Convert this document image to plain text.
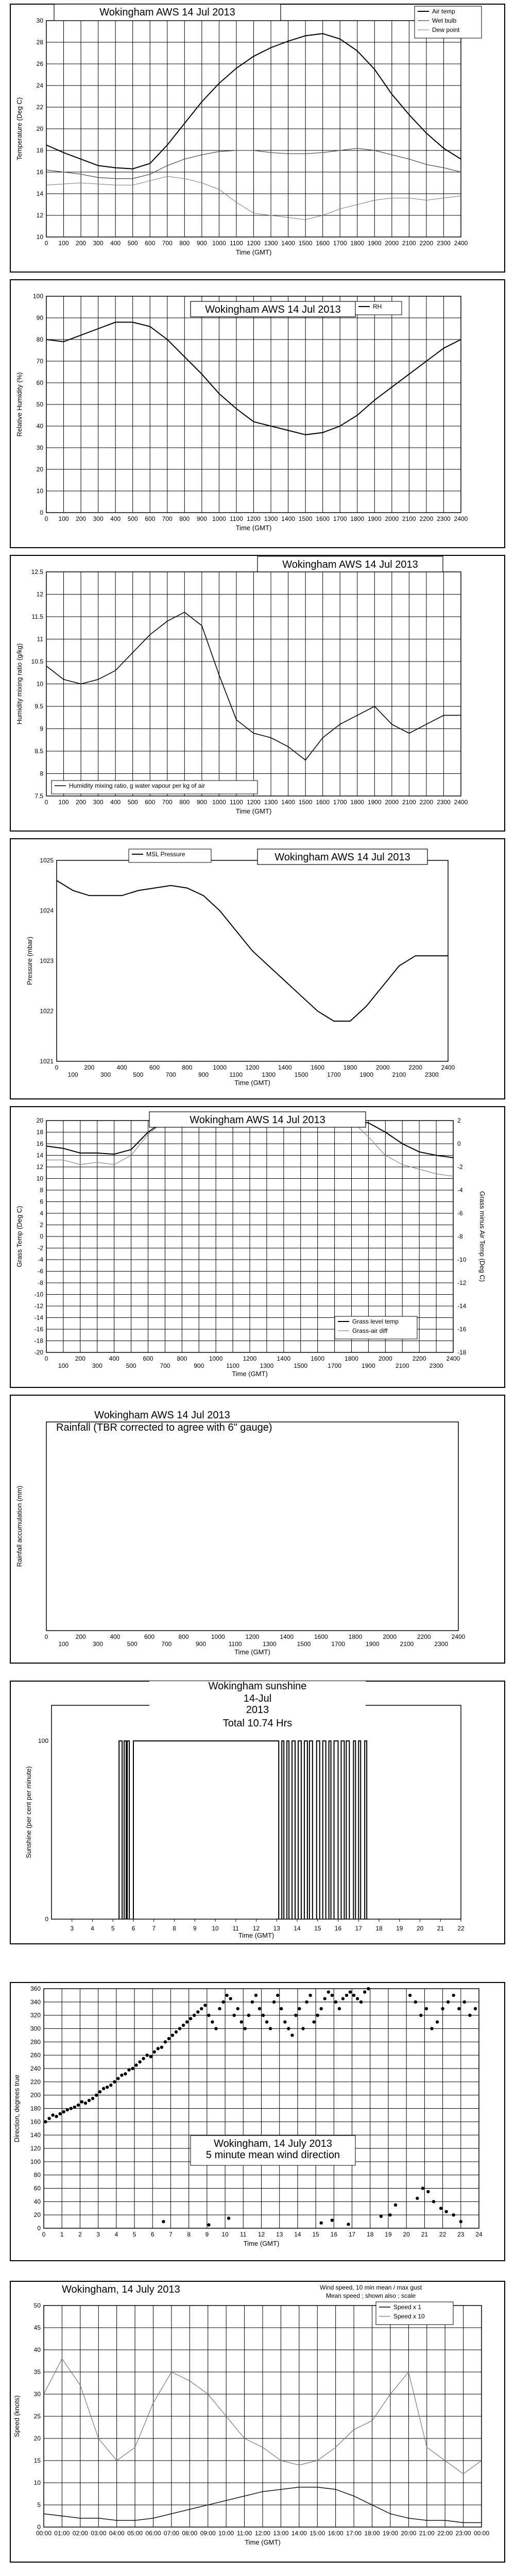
0 100 200 300 400 500 600 700 800 900 1000 1100 1200 1300 1400 1500 1600 1700 1800 1900 2000 2100 2200 2300 2400
10
12
14
16
18
20
22
24
26
28
30
Time (GMT)
Temperature (Deg C)
Wokingham AWS 14 Jul 2013	Air temp
Wet bulb
Dew point
0 100 200 300 400 500 600 700 800 900 1000 1100 1200 1300 1400 1500 1600 1700 1800 1900 2000 2100 2200 2300 2400
0
10
20
30
40
50
60
70
80
90
100
Time (GMT)
Relative Humidity (%)
Wokingham AWS 14 Jul 2013	RH
0 100 200 300 400 500 600 700 800 900 1000 1100 1200 1300 1400 1500 1600 1700 1800 1900 2000 2100 2200 2300 2400
7.5
8
8.5
9
9.5
10
10.5
11
11.5
12
12.5
Time (GMT)
Humidity mixing ratio (g/kg)
Wokingham AWS 14 Jul 2013
Humidity mixing ratio, g water vapour per kg of air
0
100
200
300
400
500
600
700
800
900
1000
1100
1200
1300
1400
1500
1600
1700
1800
1900
2000
2100
2200
2300
2400
1021
1022
1023
1024
1025
Time (GMT)
Pressure (mbar)
Wokingham AWS 14 Jul 2013
MSL Pressure
0
100
200
300
400
500
600
700
800
900
1000
1100
1200
1300
1400
1500
1600
1700
1800
1900
2000
2100
2200
2300
2400
20
18
16
14
12
10
8
6
4
2
0
-2
-4
-6
-8
-10
-12
-14
-16
-18
-20
Time (GMT)
Grass Temp (Deg C)
2
0
-2
-4
-6
-8
-10
-12
-14
-16
-18
Grass minus Air Temp (Deg C)
Wokingham AWS 14 Jul 2013
Grass level temp
Grass-air diff
0
100
200
300
400
500
600
700
800
900
1000
1100
1200
1300
1400
1500
1600
1700
1800
1900
2000
2100
2200
2300
2400
Time (GMT)
Rainfall accumulation (mm)
Wokingham AWS 14 Jul 2013
Rainfall (TBR corrected to agree with 6" gauge)
3	4	5	6	7	8	9 10 11 12 13 14 15 16 17 18 19 20 21 22
0
100
Time (GMT)
Sunshine (per cent per minute)
Wokingham sunshine
14-Jul
2013
Total 10.74 Hrs
0 1 2 3 4 5 6 7 8 9 10 11 12 13 14 15 16 17 18 19 20 21 22 23 24
0
20
40
60
80
100
120
140
160
180
200
220
240
260
280
300
320
340
360
Time (GMT)
Direction, degrees true
Wokingham, 14 July 2013
5 minute mean wind direction
00:00 01:00 02:00 03:00 04:00 05:00 06:00 07:00 08:00 09:00 10:00 11:00 12:00 13:00 14:00 15:00 16:00 17:00 18:00 19:00 20:00 21:00 22:00 23:00 00:00
0
5
10
15
20
25
30
35
40
45
50
Time (GMT)
Speed (knots)
Wokingham, 14 July 2013	Wind speed, 10 min mean / max gust
Mean speed ; shown also ; scale
Speed x 1
Speed x 10
